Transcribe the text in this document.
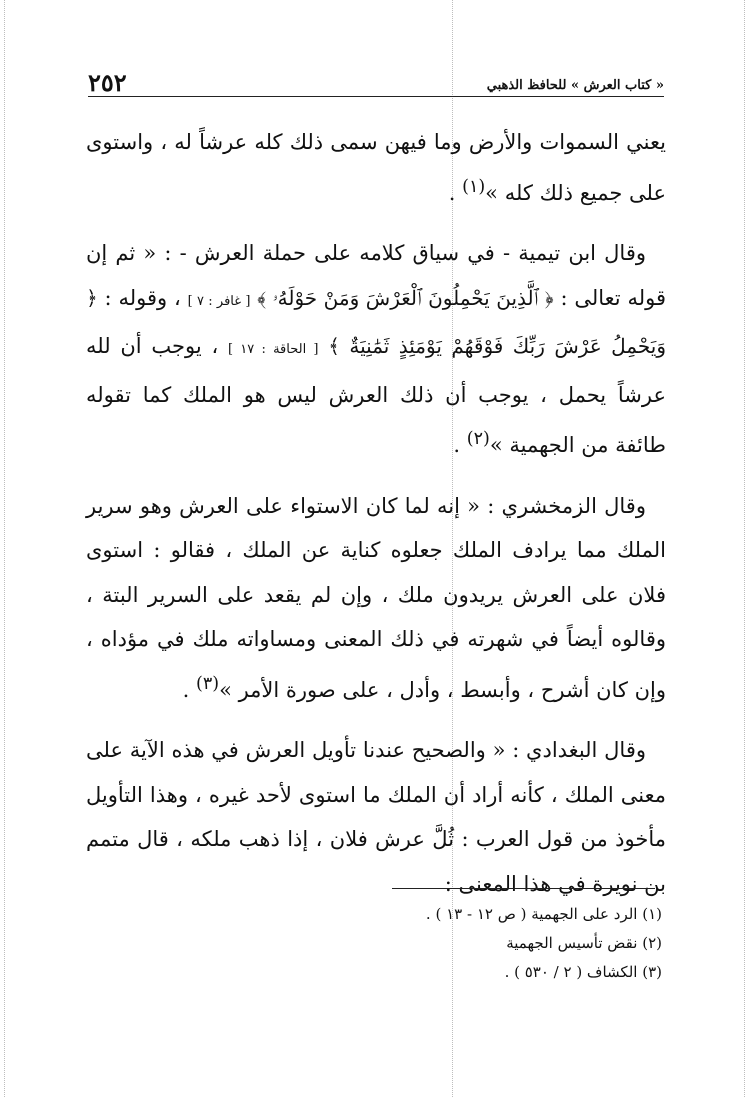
« كتاب العرش » للحافظ الذهبي
٢٥٢

يعني السموات والأرض وما فيهن سمى ذلك كله عرشاً له ، واستوى على جميع ذلك كله »$^{(١)}$ .

وقال ابن تيمية - في سياق كلامه على حملة العرش - : « ثم إن قوله تعالى : ﴿ ٱلَّذِينَ يَحْمِلُونَ ٱلْعَرْشَ وَمَنْ حَوْلَهُۥ ﴾ [ غافر : ٧ ] ، وقوله : ﴿ وَيَحْمِلُ عَرْشَ رَبِّكَ فَوْقَهُمْ يَوْمَئِذٍ ثَمَٰنِيَةٌ ﴾ [ الحاقة : ١٧ ] ، يوجب أن لله عرشاً يحمل ، يوجب أن ذلك العرش ليس هو الملك كما تقوله طائفة من الجهمية »$^{(٢)}$ .

وقال الزمخشري : « إنه لما كان الاستواء على العرش وهو سرير الملك مما يرادف الملك جعلوه كناية عن الملك ، فقالو : استوى فلان على العرش يريدون ملك ، وإن لم يقعد على السرير البتة ، وقالوه أيضاً في شهرته في ذلك المعنى ومساواته ملك في مؤداه ، وإن كان أشرح ، وأبسط ، وأدل ، على صورة الأمر »$^{(٣)}$ .

وقال البغدادي : « والصحيح عندنا تأويل العرش في هذه الآية على معنى الملك ، كأنه أراد أن الملك ما استوى لأحد غيره ، وهذا التأويل مأخوذ من قول العرب : ثُلَّ عرش فلان ، إذا ذهب ملكه ، قال متمم بن نويرة في هذا المعنى :

(١) الرد على الجهمية ( ص ١٢ - ١٣ ) .
(٢) نقض تأسيس الجهمية
(٣) الكشاف ( ٢ / ٥٣٠ ) .
